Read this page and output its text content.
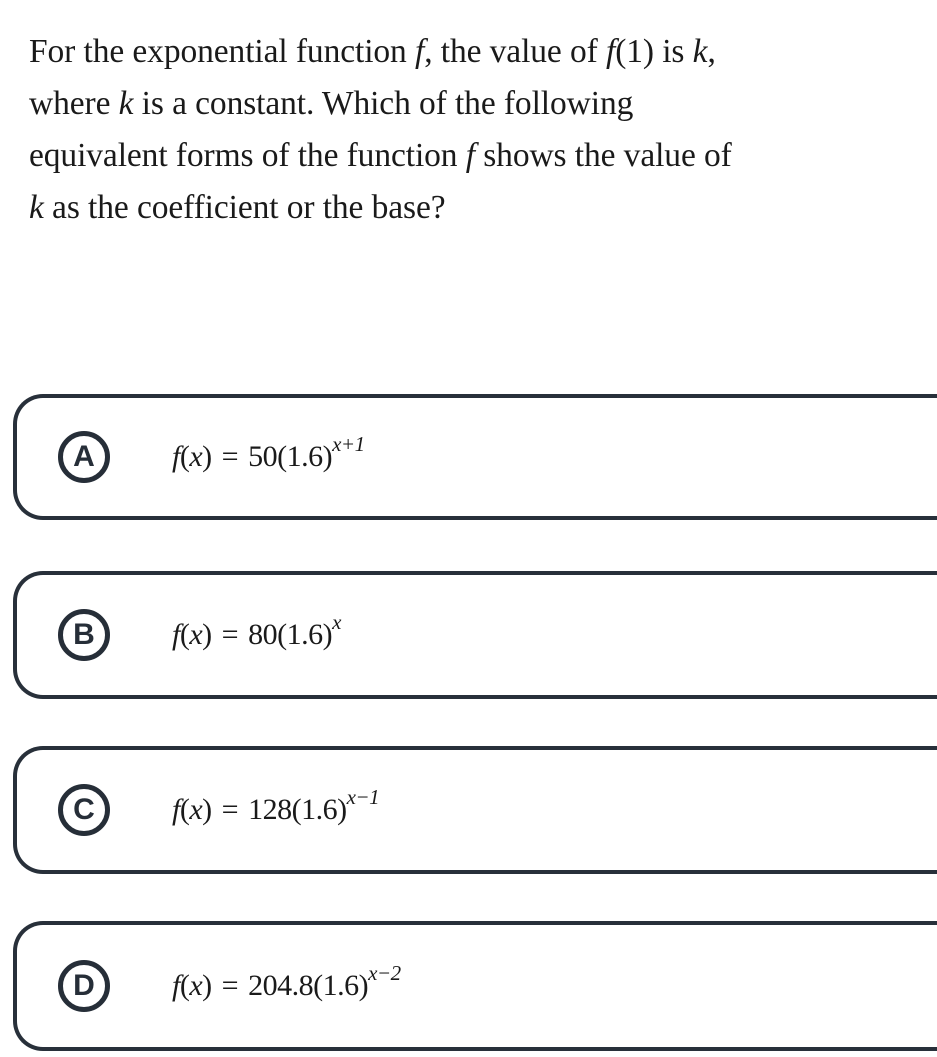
For the exponential function f, the value of f(1) is k,
where k is a constant. Which of the following
equivalent forms of the function f shows the value of
k as the coefficient or the base?
A	$f(x) = 50(1.6)^{x+1}$
B	$f(x) = 80(1.6)^x$
C	$f(x) = 128(1.6)^{x-1}$
D	$f(x) = 204.8(1.6)^{x-2}$
